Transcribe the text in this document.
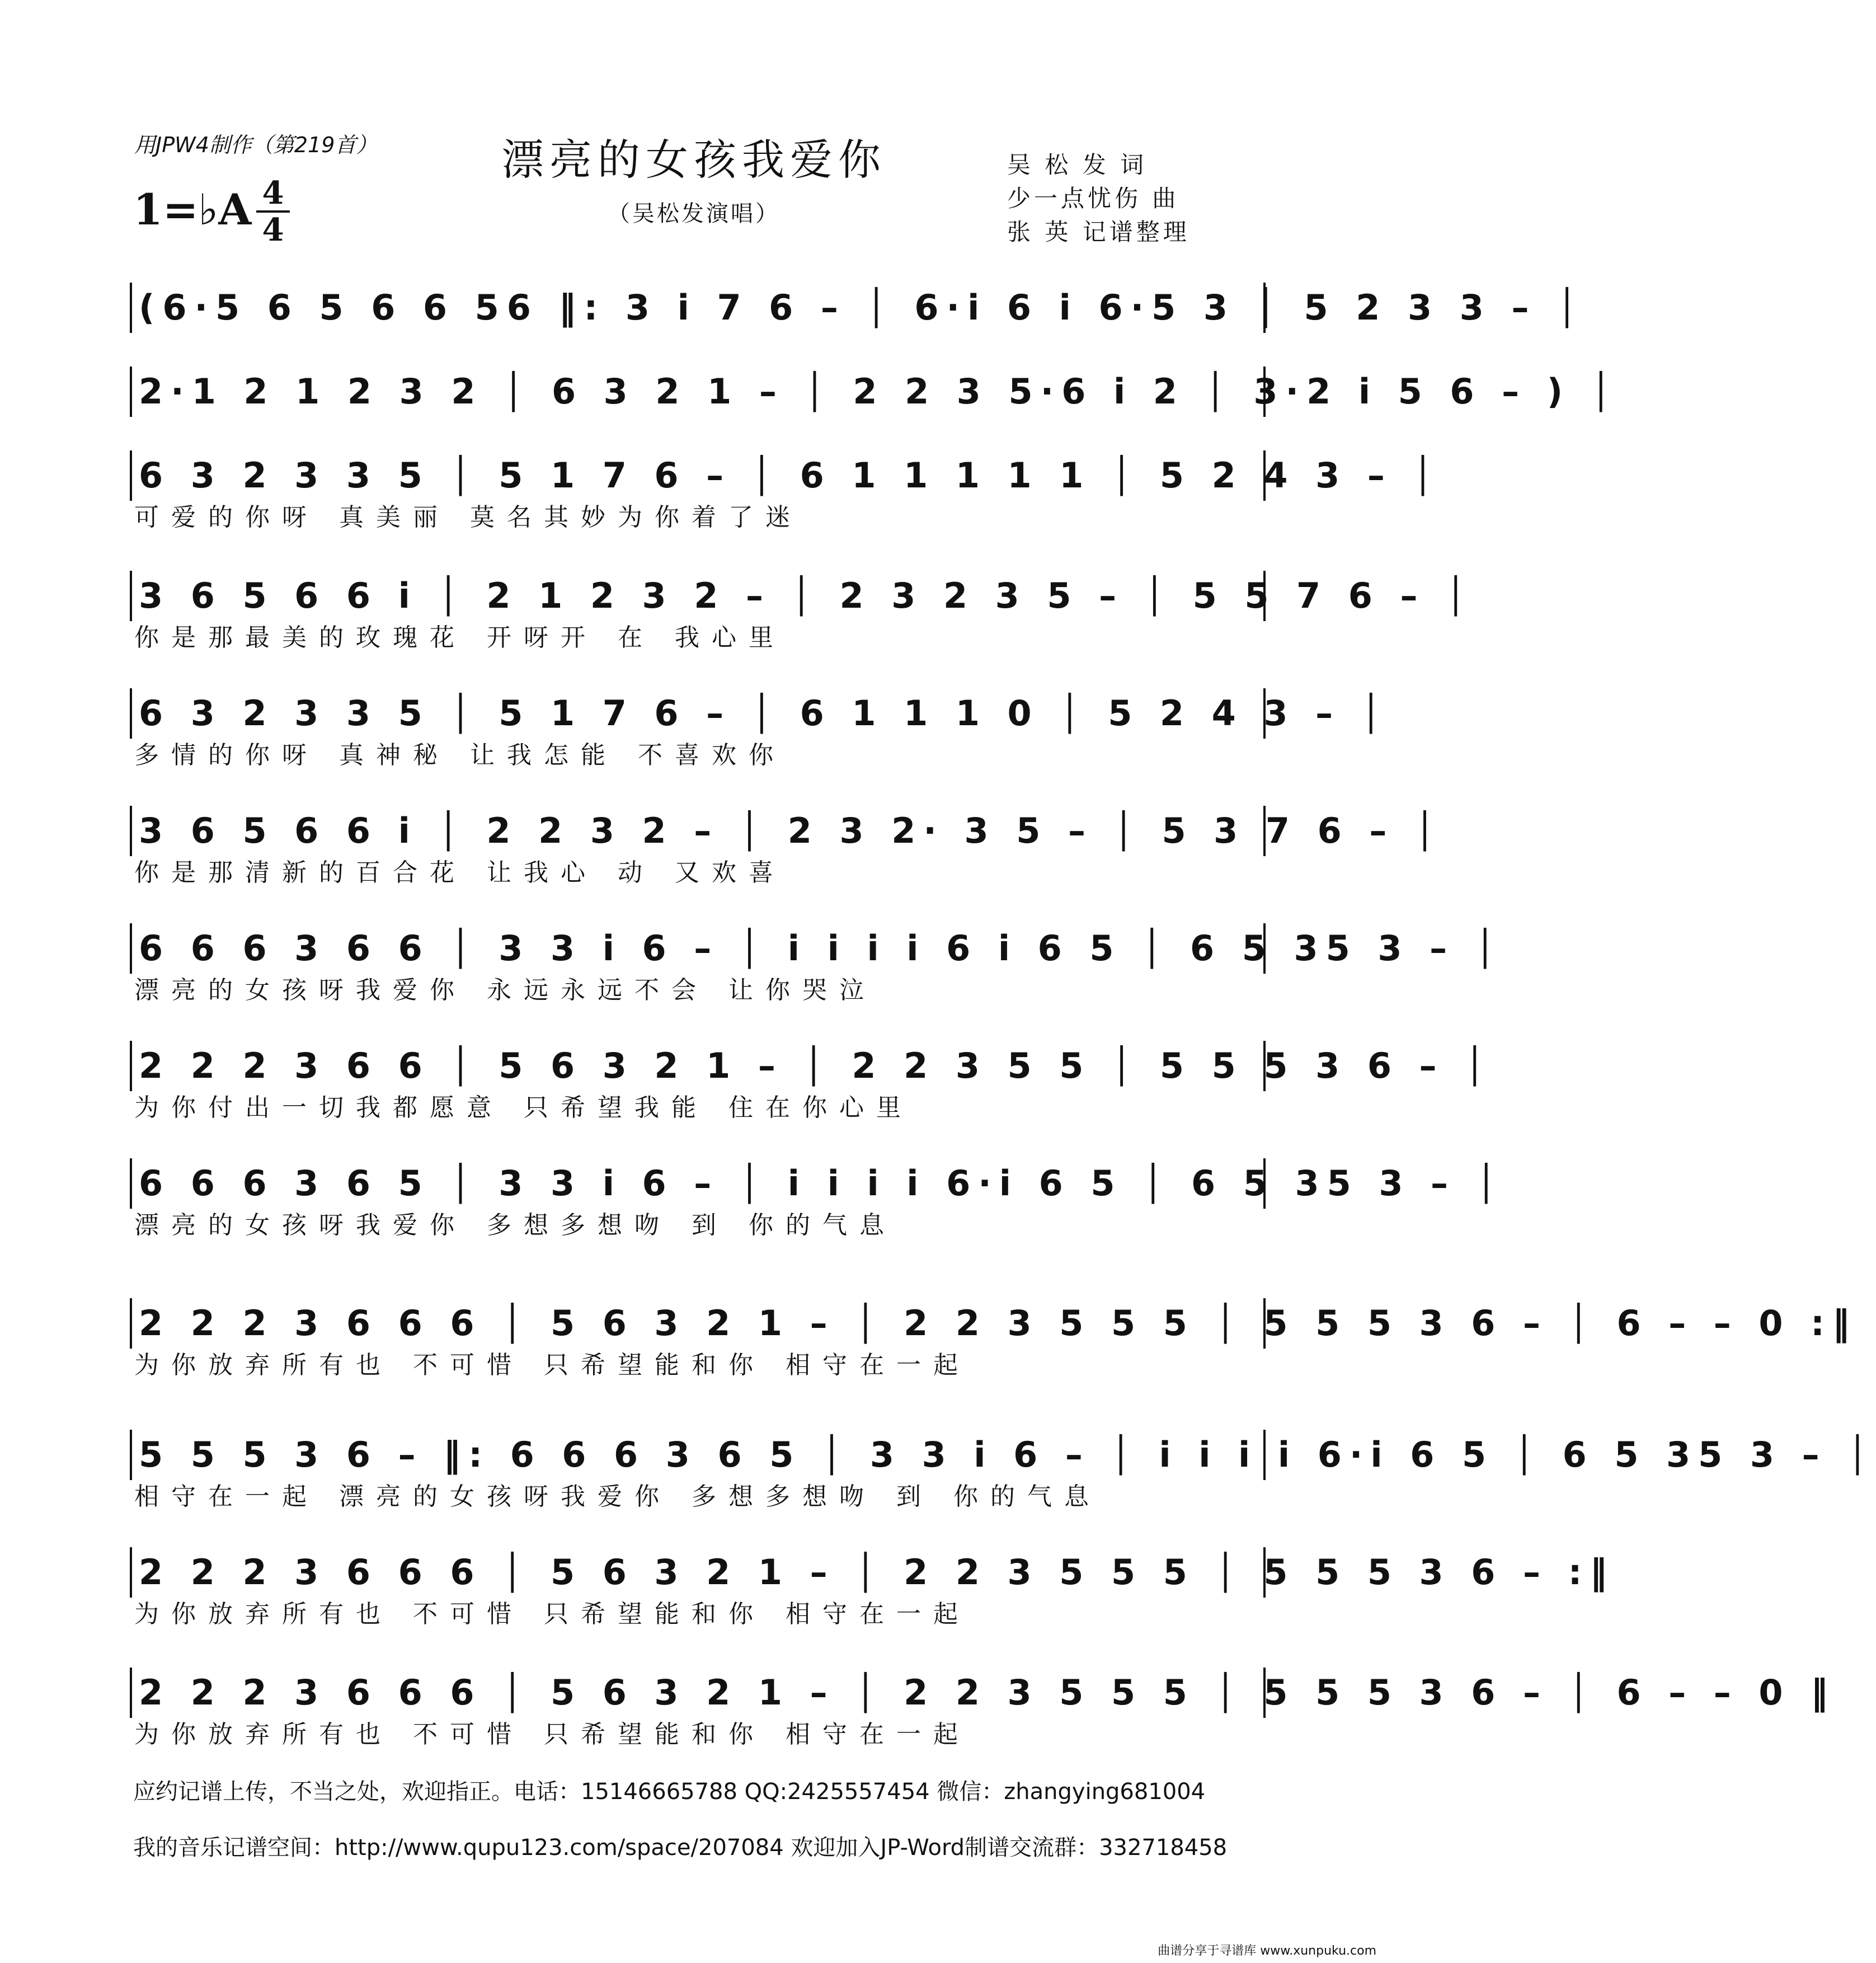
用JPW4制作（第219首）	漂亮的女孩我爱你
（吴松发演唱）
1=♭A 4
4
吴 松 发 词
少一点忧伤 曲
张 英 记谱整理
(6·5 6 5 6 6 56 ‖: 3 i 7 6 – │ 6·i 6 i 6·5 3 │ 5 2 3 3 – │
2·1 2 1 2 3 2 │ 6 3 2 1 – │ 2 2 3 5·6 i 2 │ 3·2 i 5 6 – ) │
6 3 2 3 3 5 │ 5 1 7 6 – │ 6 1 1 1 1 1 │ 5 2 4 3 – │
可爱的你呀 真美丽 莫名其妙为你着了迷
3 6 5 6 6 i │ 2 1 2 3 2 – │ 2 3 2 3 5 – │ 5 5 7 6 – │
你是那最美的玫瑰花 开呀开 在 我心里
6 3 2 3 3 5 │ 5 1 7 6 – │ 6 1 1 1 0 │ 5 2 4 3 – │
多情的你呀 真神秘 让我怎能 不喜欢你
3 6 5 6 6 i │ 2 2 3 2 – │ 2 3 2· 3 5 – │ 5 3 7 6 – │
你是那清新的百合花 让我心 动 又欢喜
6 6 6 3 6 6 │ 3 3 i 6 – │ i i i i 6 i 6 5 │ 6 5 35 3 – │
漂亮的女孩呀我爱你 永远永远不会 让你哭泣
2 2 2 3 6 6 │ 5 6 3 2 1 – │ 2 2 3 5 5 │ 5 5 5 3 6 – │
为你付出一切我都愿意 只希望我能 住在你心里
6 6 6 3 6 5 │ 3 3 i 6 – │ i i i i 6·i 6 5 │ 6 5 35 3 – │
漂亮的女孩呀我爱你 多想多想吻 到 你的气息
2 2 2 3 6 6 6 │ 5 6 3 2 1 – │ 2 2 3 5 5 5 │ 5 5 5 3 6 – │ 6 – – 0 :‖
为你放弃所有也 不可惜 只希望能和你 相守在一起
5 5 5 3 6 – ‖: 6 6 6 3 6 5 │ 3 3 i 6 – │ i i i i 6·i 6 5 │ 6 5 35 3 – │
相守在一起 漂亮的女孩呀我爱你 多想多想吻 到 你的气息
2 2 2 3 6 6 6 │ 5 6 3 2 1 – │ 2 2 3 5 5 5 │ 5 5 5 3 6 – :‖
为你放弃所有也 不可惜 只希望能和你 相守在一起
2 2 2 3 6 6 6 │ 5 6 3 2 1 – │ 2 2 3 5 5 5 │ 5 5 5 3 6 – │ 6 – – 0 ‖
为你放弃所有也 不可惜 只希望能和你 相守在一起
应约记谱上传，不当之处，欢迎指正。电话：15146665788 QQ:2425557454 微信：zhangying681004
我的音乐记谱空间：http://www.qupu123.com/space/207084 欢迎加入JP-Word制谱交流群：332718458
曲谱分享于寻谱库 www.xunpuku.com
